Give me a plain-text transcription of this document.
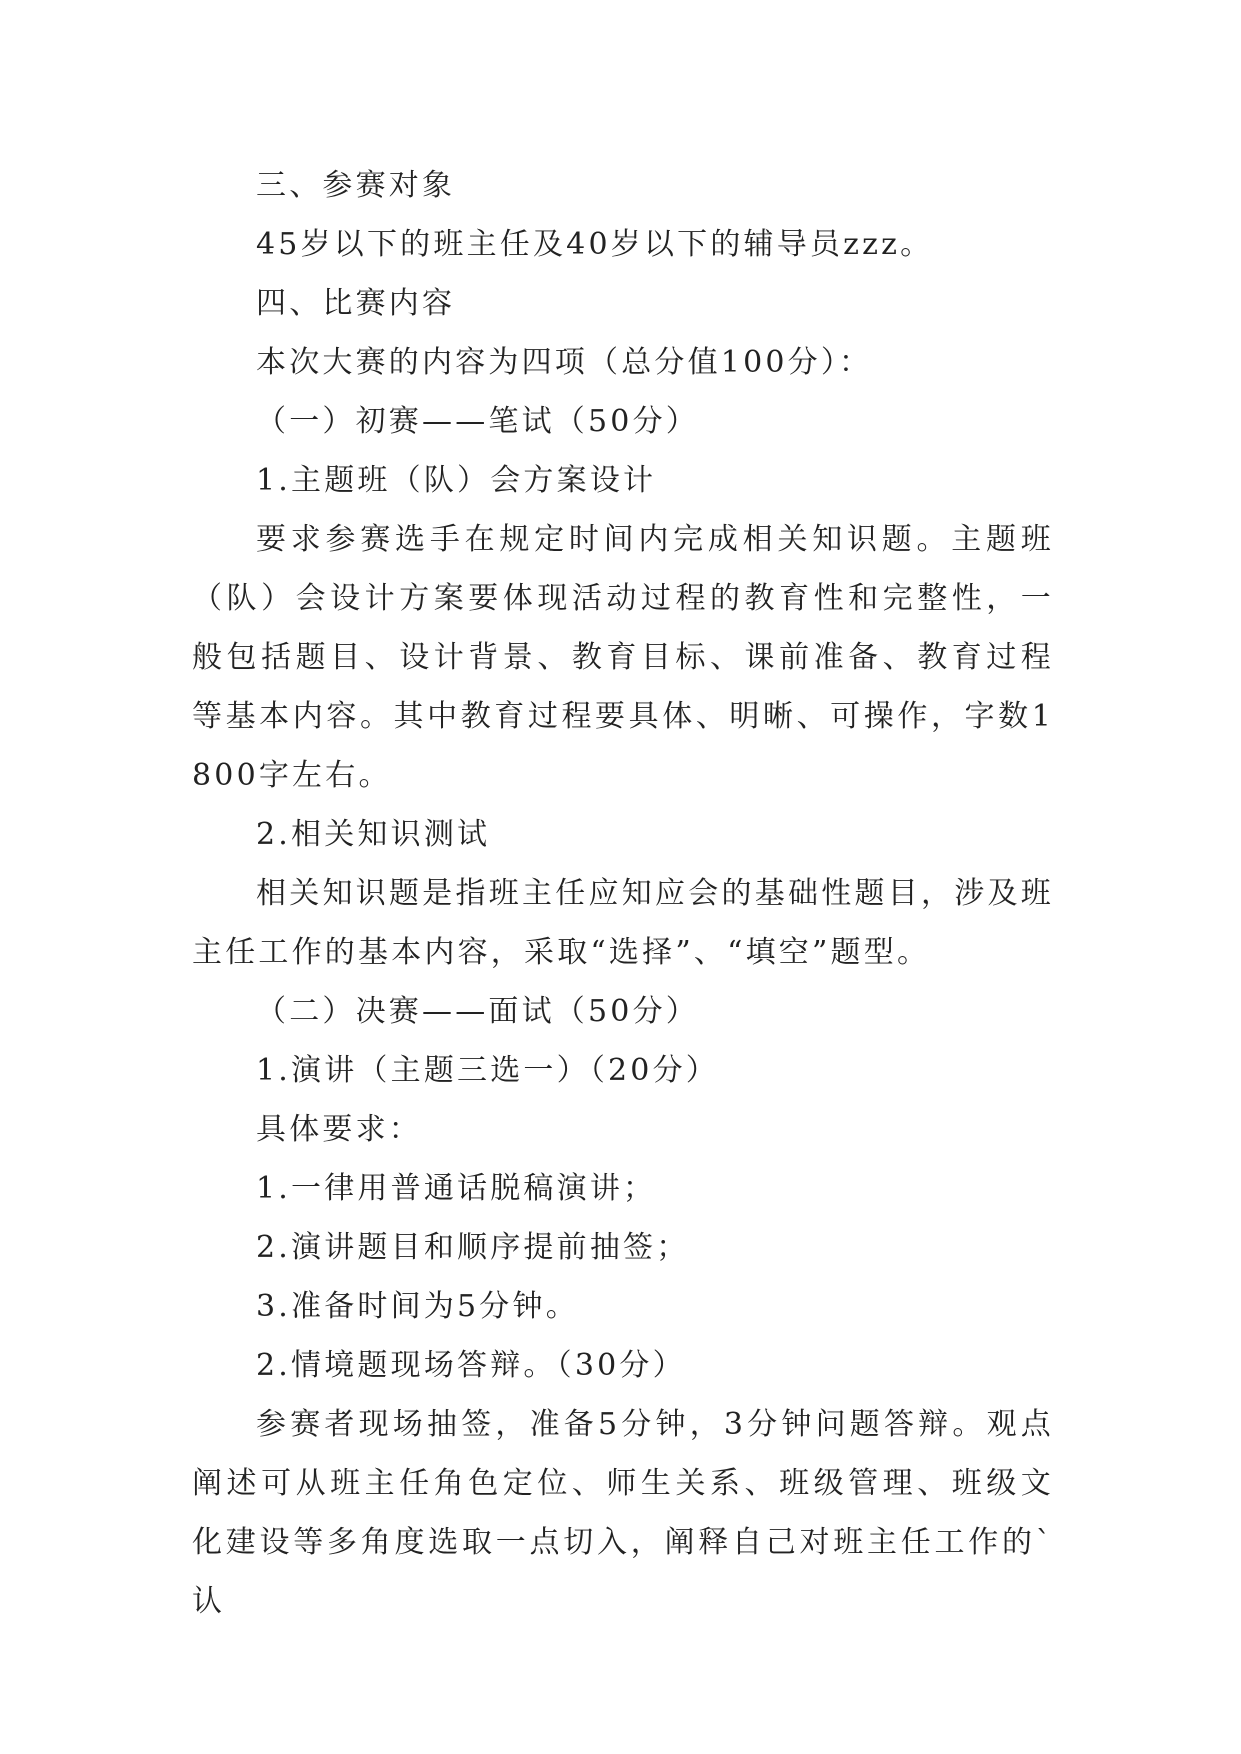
三、参赛对象

45岁以下的班主任及40岁以下的辅导员zzz。

四、比赛内容

本次大赛的内容为四项（总分值100分）：

（一）初赛——笔试（50分）

1.主题班（队）会方案设计

要求参赛选手在规定时间内完成相关知识题。主题班（队）会设计方案要体现活动过程的教育性和完整性，一般包括题目、设计背景、教育目标、课前准备、教育过程等基本内容。其中教育过程要具体、明晰、可操作，字数1800字左右。

2.相关知识测试

相关知识题是指班主任应知应会的基础性题目，涉及班主任工作的基本内容，采取“选择”、“填空”题型。

（二）决赛——面试（50分）

1.演讲（主题三选一）（20分）

具体要求：

1.一律用普通话脱稿演讲；

2.演讲题目和顺序提前抽签；

3.准备时间为5分钟。

2.情境题现场答辩。（30分）

参赛者现场抽签，准备5分钟，3分钟问题答辩。观点阐述可从班主任角色定位、师生关系、班级管理、班级文化建设等多角度选取一点切入，阐释自己对班主任工作的`认
